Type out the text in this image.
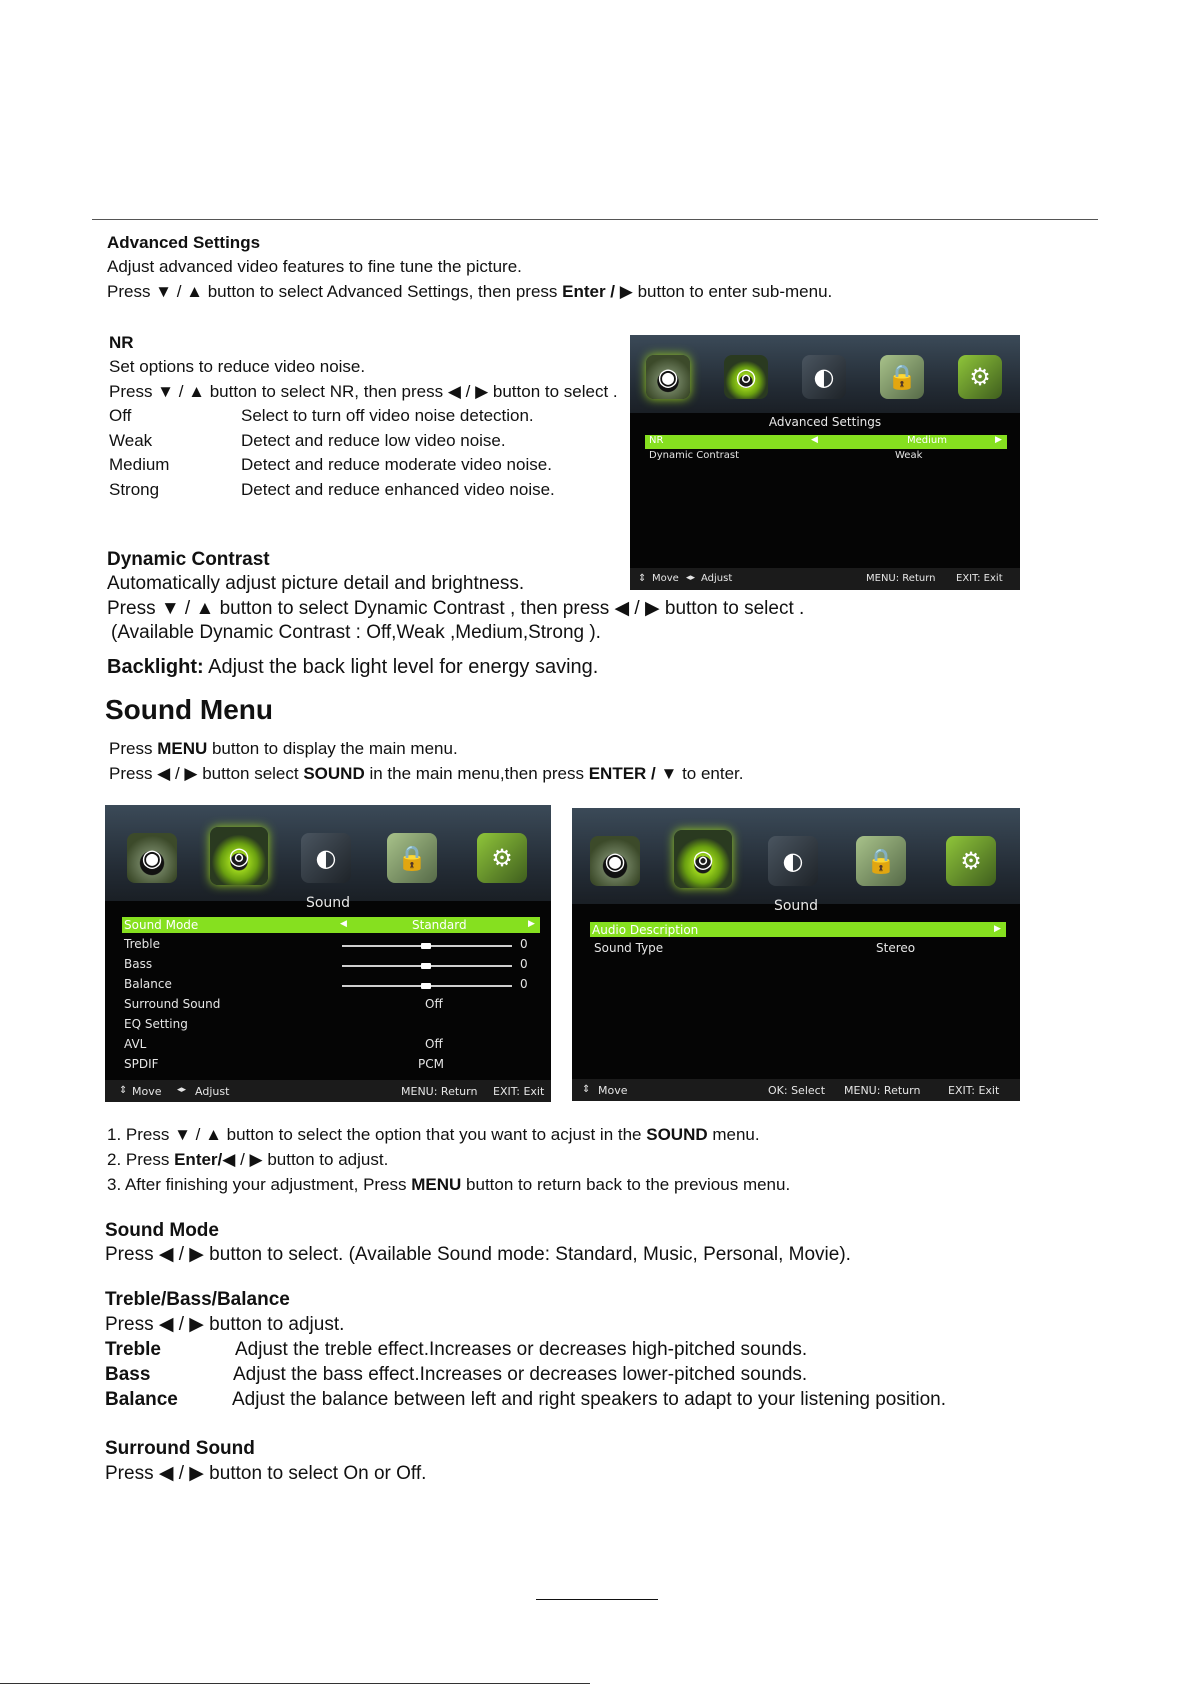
Advanced Settings
Adjust advanced video features to fine tune the picture.
Press ▼ / ▲ button to select Advanced Settings, then press Enter / ▶ button to enter sub-menu.
NR
Set options to reduce video noise.
Press ▼ / ▲ button to select NR, then press ◀ / ▶ button to select .
Off	Select to turn off video noise detection.
Weak	Detect and reduce low video noise.
Medium	Detect and reduce moderate video noise.
Strong	Detect and reduce enhanced video noise.
◉	◎	◐	🔒	⚙
Advanced Settings
NR	◀	Medium	▶
Dynamic Contrast	Weak
⇕ Move ◂▸ Adjust	MENU: Return EXIT: Exit
Dynamic Contrast
Automatically adjust picture detail and brightness.
Press ▼ / ▲ button to select Dynamic Contrast , then press ◀ / ▶ button to select .
(Available Dynamic Contrast : Off,Weak ,Medium,Strong ).
Backlight: Adjust the back light level for energy saving.
Sound Menu
Press MENU button to display the main menu.
Press ◀ / ▶ button select SOUND in the main menu,then press ENTER / ▼ to enter.
◉	◎	◐	🔒	⚙
Sound
Sound Mode	◀	Standard	▶
Treble	0
Bass	0
Balance	0
Surround Sound	Off
EQ Setting
AVL	Off
SPDIF	PCM
⇕ Move ◂▸ Adjust	MENU: Return EXIT: Exit
◉	◎	◐	🔒	⚙
Sound
Audio Description	▶
Sound Type	Stereo
⇕ Move	OK: Select MENU: Return	EXIT: Exit
1. Press ▼ / ▲ button to select the option that you want to acjust in the SOUND menu.
2. Press Enter/◀ / ▶ button to adjust.
3. After finishing your adjustment, Press MENU button to return back to the previous menu.
Sound Mode
Press ◀ / ▶ button to select. (Available Sound mode: Standard, Music, Personal, Movie).
Treble/Bass/Balance
Press ◀ / ▶ button to adjust.
Treble	Adjust the treble effect.Increases or decreases high-pitched sounds.
Bass	Adjust the bass effect.Increases or decreases lower-pitched sounds.
Balance	Adjust the balance between left and right speakers to adapt to your listening position.
Surround Sound
Press ◀ / ▶ button to select On or Off.
